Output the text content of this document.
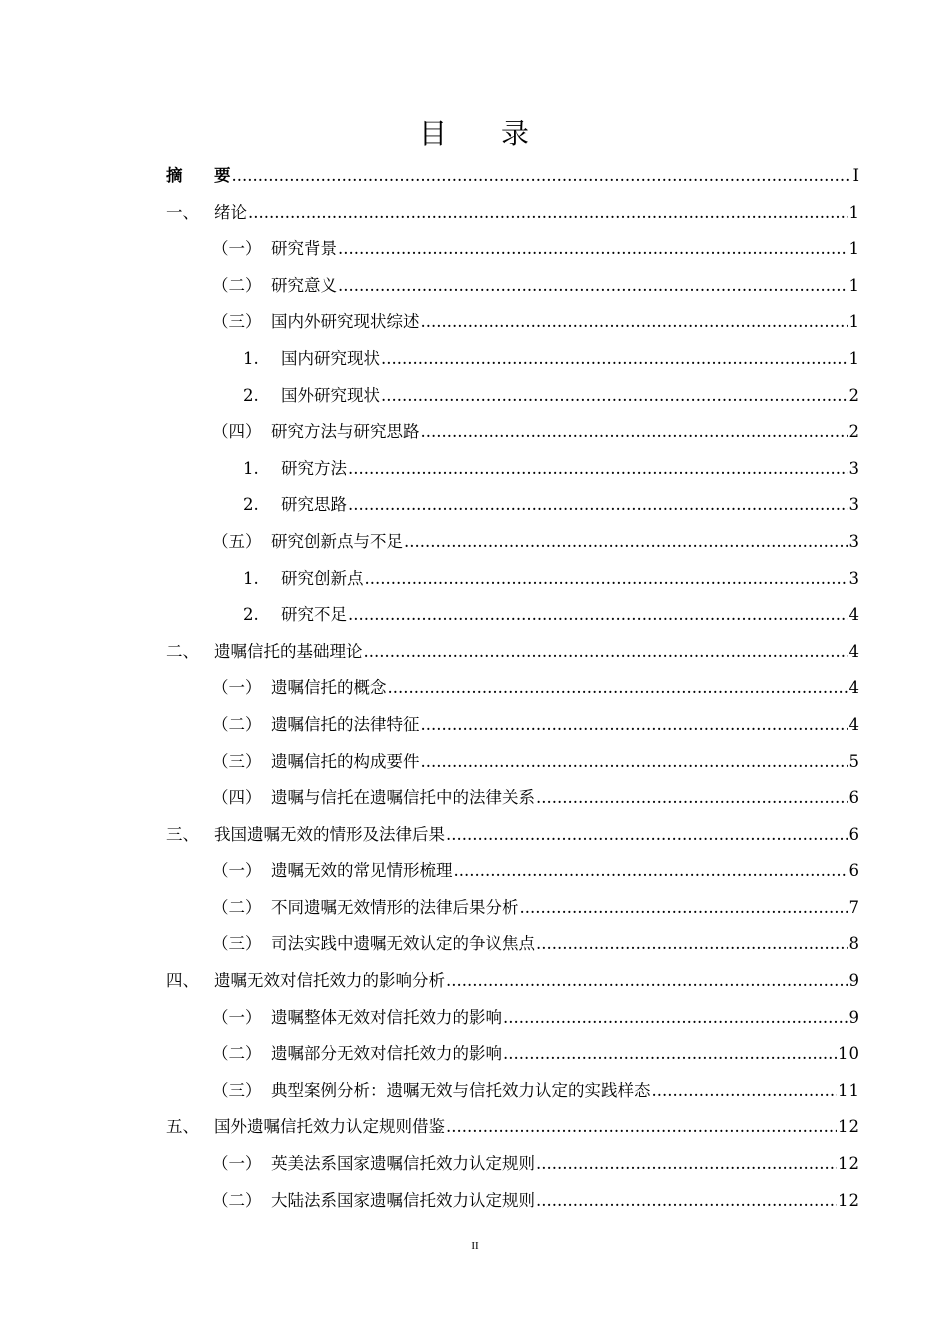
目 录
摘	要 .....	I
一、 绪论 .....	1
（一） 研究背景 .....	1
（二） 研究意义 .....	1
（三） 国内外研究现状综述 .....	1
1.	国内研究现状 .....	1
2.	国外研究现状 .....	2
（四） 研究方法与研究思路 .....	2
1.	研究方法 .....	3
2.	研究思路 .....	3
（五） 研究创新点与不足 .....	3
1.	研究创新点 .....	3
2.	研究不足 .....	4
二、 遗嘱信托的基础理论 .....	4
（一） 遗嘱信托的概念 .....	4
（二） 遗嘱信托的法律特征 .....	4
（三） 遗嘱信托的构成要件 .....	5
（四） 遗嘱与信托在遗嘱信托中的法律关系 .....	6
三、 我国遗嘱无效的情形及法律后果 .....	6
（一） 遗嘱无效的常见情形梳理 .....	6
（二） 不同遗嘱无效情形的法律后果分析 .....	7
（三） 司法实践中遗嘱无效认定的争议焦点 .....	8
四、 遗嘱无效对信托效力的影响分析 .....	9
（一） 遗嘱整体无效对信托效力的影响 .....	9
（二） 遗嘱部分无效对信托效力的影响 .....	10
（三） 典型案例分析：遗嘱无效与信托效力认定的实践样态 .....	11
五、 国外遗嘱信托效力认定规则借鉴 .....	12
（一） 英美法系国家遗嘱信托效力认定规则 .....	12
（二） 大陆法系国家遗嘱信托效力认定规则 .....	12
II
